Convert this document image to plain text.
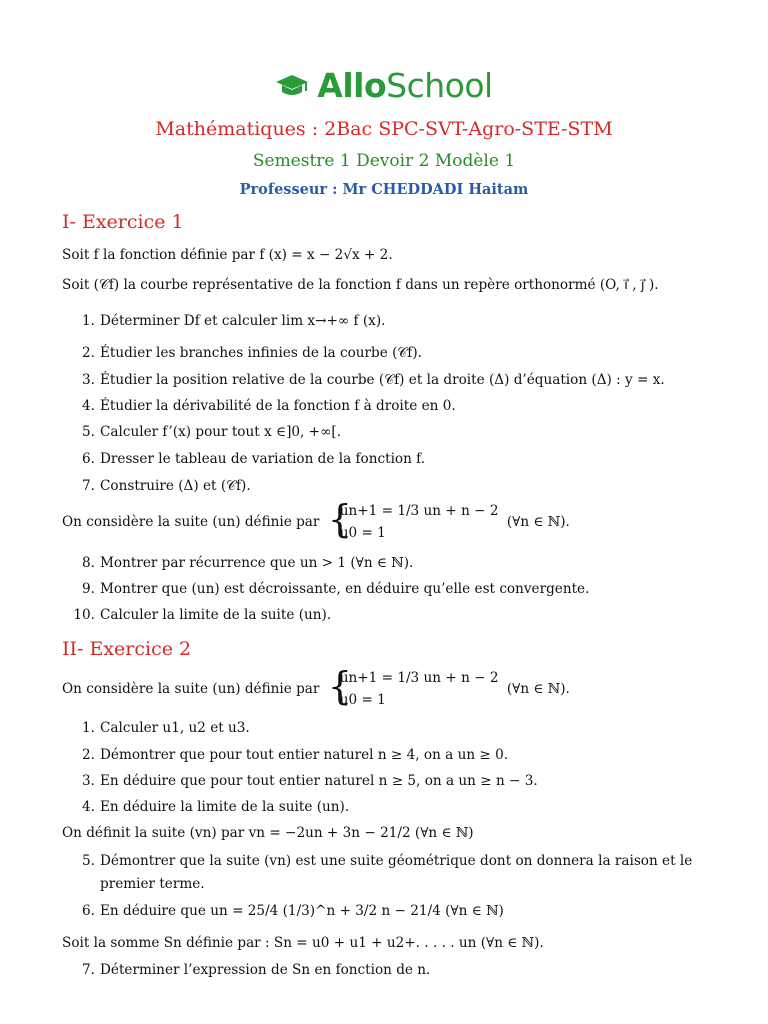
AlloSchool
Mathématiques : 2Bac SPC-SVT-Agro-STE-STM
Semestre 1 Devoir 2 Modèle 1
Professeur : Mr CHEDDADI Haitam
I- Exercice 1
Soit f la fonction définie par f (x) = x − 2√x + 2.
Soit (𝒞f) la courbe représentative de la fonction f dans un repère orthonormé (O, i⃗ , j⃗ ).
1. Déterminer Df et calculer lim x→+∞ f (x).
2. Étudier les branches infinies de la courbe (𝒞f).
3. Étudier la position relative de la courbe (𝒞f) et la droite (Δ) d’équation (Δ) : y = x.
4. Étudier la dérivabilité de la fonction f à droite en 0.
5. Calculer f’(x) pour tout x ∈]0, +∞[.
6. Dresser le tableau de variation de la fonction f.
7. Construire (Δ) et (𝒞f).
On considère la suite (un) définie par {
un+1 = 1/3 un + n − 2
u0 = 1
(∀n ∈ ℕ).
8. Montrer par récurrence que un > 1 (∀n ∈ ℕ).
9. Montrer que (un) est décroissante, en déduire qu’elle est convergente.
10. Calculer la limite de la suite (un).
II- Exercice 2
On considère la suite (un) définie par {
un+1 = 1/3 un + n − 2
u0 = 1
(∀n ∈ ℕ).
1. Calculer u1, u2 et u3.
2. Démontrer que pour tout entier naturel n ≥ 4, on a un ≥ 0.
3. En déduire que pour tout entier naturel n ≥ 5, on a un ≥ n − 3.
4. En déduire la limite de la suite (un).
On définit la suite (vn) par vn = −2un + 3n − 21/2 (∀n ∈ ℕ)
5. Démontrer que la suite (vn) est une suite géométrique dont on donnera la raison et le
premier terme.
6. En déduire que un = 25/4 (1/3)^n + 3/2 n − 21/4 (∀n ∈ ℕ)
Soit la somme Sn définie par : Sn = u0 + u1 + u2+. . . . . un (∀n ∈ ℕ).
7. Déterminer l’expression de Sn en fonction de n.
